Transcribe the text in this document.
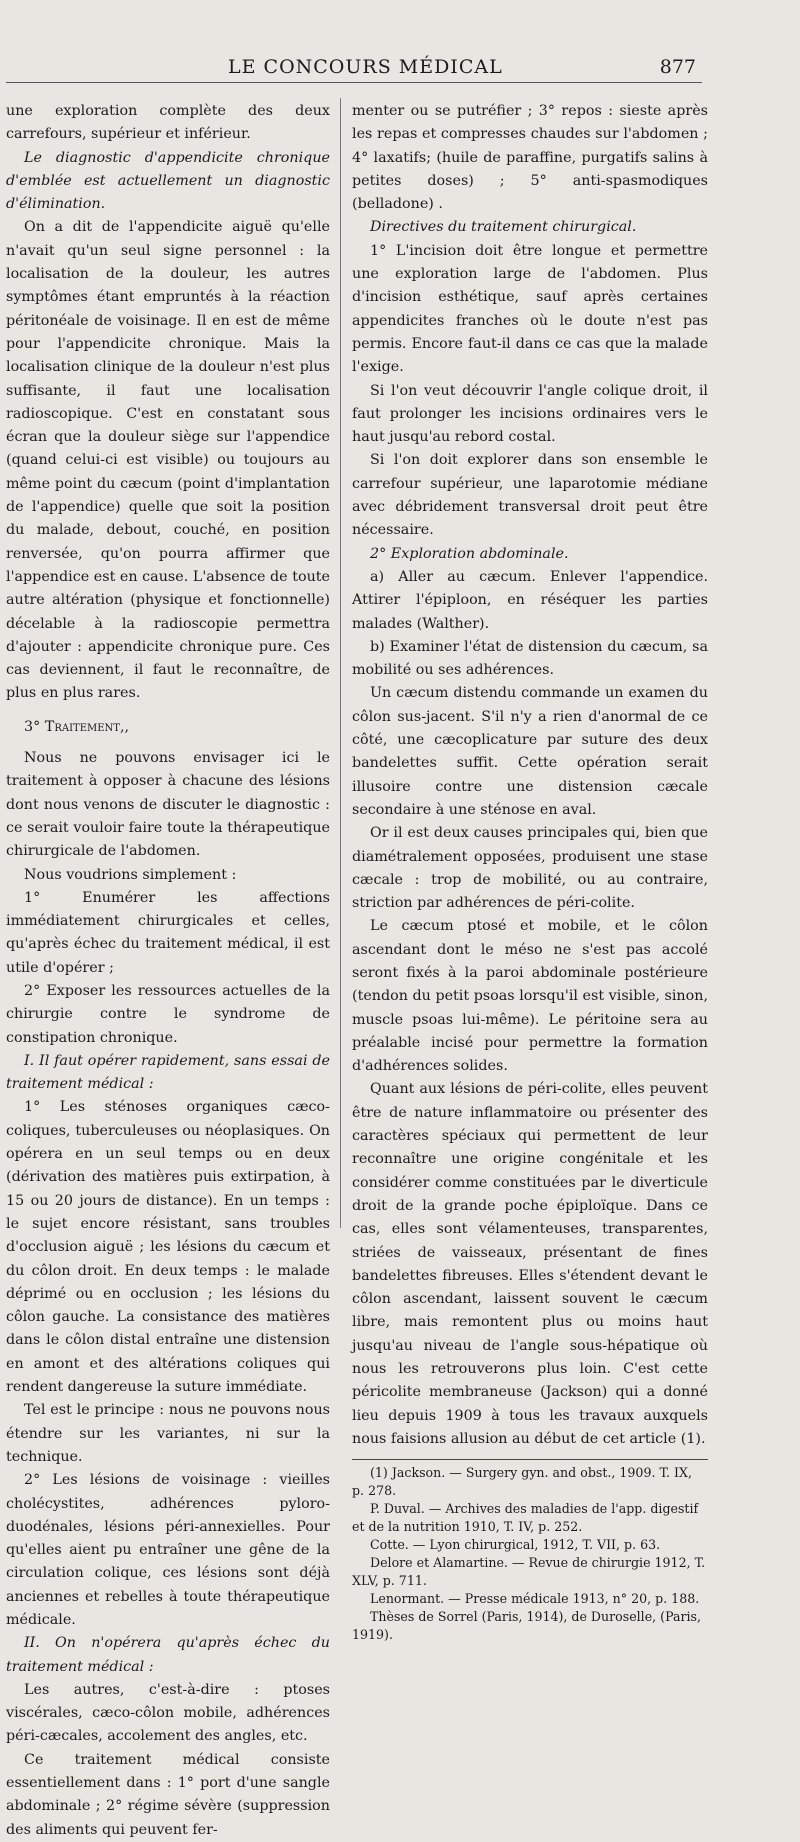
LE CONCOURS MÉDICAL	877

une exploration complète des deux carrefours, supérieur et inférieur.

Le diagnostic d'appendicite chronique d'emblée est actuellement un diagnostic d'élimination.

On a dit de l'appendicite aiguë qu'elle n'avait qu'un seul signe personnel : la localisation de la douleur, les autres symptômes étant empruntés à la réaction péritonéale de voisinage. Il en est de même pour l'appendicite chronique. Mais la localisation clinique de la douleur n'est plus suffisante, il faut une localisation radioscopique. C'est en constatant sous écran que la douleur siège sur l'appendice (quand celui-ci est visible) ou toujours au même point du cæcum (point d'implantation de l'appendice) quelle que soit la position du malade, debout, couché, en position renversée, qu'on pourra affirmer que l'appendice est en cause. L'absence de toute autre altération (physique et fonctionnelle) décelable à la radioscopie permettra d'ajouter : appendicite chronique pure. Ces cas deviennent, il faut le reconnaître, de plus en plus rares.

3° Traitement,,

Nous ne pouvons envisager ici le traitement à opposer à chacune des lésions dont nous venons de discuter le diagnostic : ce serait vouloir faire toute la thérapeutique chirurgicale de l'abdomen.

Nous voudrions simplement :

1° Enumérer les affections immédiatement chirurgicales et celles, qu'après échec du traitement médical, il est utile d'opérer ;

2° Exposer les ressources actuelles de la chirurgie contre le syndrome de constipation chronique.

I. Il faut opérer rapidement, sans essai de traitement médical :

1° Les sténoses organiques cæco-coliques, tuberculeuses ou néoplasiques. On opérera en un seul temps ou en deux (dérivation des matières puis extirpation, à 15 ou 20 jours de distance). En un temps : le sujet encore résistant, sans troubles d'occlusion aiguë ; les lésions du cæcum et du côlon droit. En deux temps : le malade déprimé ou en occlusion ; les lésions du côlon gauche. La consistance des matières dans le côlon distal entraîne une distension en amont et des altérations coliques qui rendent dangereuse la suture immédiate.

Tel est le principe : nous ne pouvons nous étendre sur les variantes, ni sur la technique.

2° Les lésions de voisinage : vieilles cholécystites, adhérences pyloro-duodénales, lésions péri-annexielles. Pour qu'elles aient pu entraîner une gêne de la circulation colique, ces lésions sont déjà anciennes et rebelles à toute thérapeutique médicale.

II. On n'opérera qu'après échec du traitement médical :

Les autres, c'est-à-dire : ptoses viscérales, cæco-côlon mobile, adhérences péri-cæcales, accolement des angles, etc.

Ce traitement médical consiste essentiellement dans : 1° port d'une sangle abdominale ; 2° régime sévère (suppression des aliments qui peuvent fer-

menter ou se putréfier ; 3° repos : sieste après les repas et compresses chaudes sur l'abdomen ; 4° laxatifs; (huile de paraffine, purgatifs salins à petites doses) ; 5° anti-spasmodiques (belladone) .

Directives du traitement chirurgical.

1° L'incision doit être longue et permettre une exploration large de l'abdomen. Plus d'incision esthétique, sauf après certaines appendicites franches où le doute n'est pas permis. Encore faut-il dans ce cas que la malade l'exige.

Si l'on veut découvrir l'angle colique droit, il faut prolonger les incisions ordinaires vers le haut jusqu'au rebord costal.

Si l'on doit explorer dans son ensemble le carrefour supérieur, une laparotomie médiane avec débridement transversal droit peut être nécessaire.

2° Exploration abdominale.

a) Aller au cæcum. Enlever l'appendice. Attirer l'épiploon, en réséquer les parties malades (Walther).

b) Examiner l'état de distension du cæcum, sa mobilité ou ses adhérences.

Un cæcum distendu commande un examen du côlon sus-jacent. S'il n'y a rien d'anormal de ce côté, une cæcoplicature par suture des deux bandelettes suffit. Cette opération serait illusoire contre une distension cæcale secondaire à une sténose en aval.

Or il est deux causes principales qui, bien que diamétralement opposées, produisent une stase cæcale : trop de mobilité, ou au contraire, striction par adhérences de péri-colite.

Le cæcum ptosé et mobile, et le côlon ascendant dont le méso ne s'est pas accolé seront fixés à la paroi abdominale postérieure (tendon du petit psoas lorsqu'il est visible, sinon, muscle psoas lui-même). Le péritoine sera au préalable incisé pour permettre la formation d'adhérences solides.

Quant aux lésions de péri-colite, elles peuvent être de nature inflammatoire ou présenter des caractères spéciaux qui permettent de leur reconnaître une origine congénitale et les considérer comme constituées par le diverticule droit de la grande poche épiploïque. Dans ce cas, elles sont vélamenteuses, transparentes, striées de vaisseaux, présentant de fines bandelettes fibreuses. Elles s'étendent devant le côlon ascendant, laissent souvent le cæcum libre, mais remontent plus ou moins haut jusqu'au niveau de l'angle sous-hépatique où nous les retrouverons plus loin. C'est cette péricolite membraneuse (Jackson) qui a donné lieu depuis 1909 à tous les travaux auxquels nous faisions allusion au début de cet article (1).

(1) Jackson. — Surgery gyn. and obst., 1909. T. IX, p. 278.

P. Duval. — Archives des maladies de l'app. digestif et de la nutrition 1910, T. IV, p. 252.

Cotte. — Lyon chirurgical, 1912, T. VII, p. 63.

Delore et Alamartine. — Revue de chirurgie 1912, T. XLV, p. 711.

Lenormant. — Presse médicale 1913, n° 20, p. 188.

Thèses de Sorrel (Paris, 1914), de Duroselle, (Paris, 1919).
